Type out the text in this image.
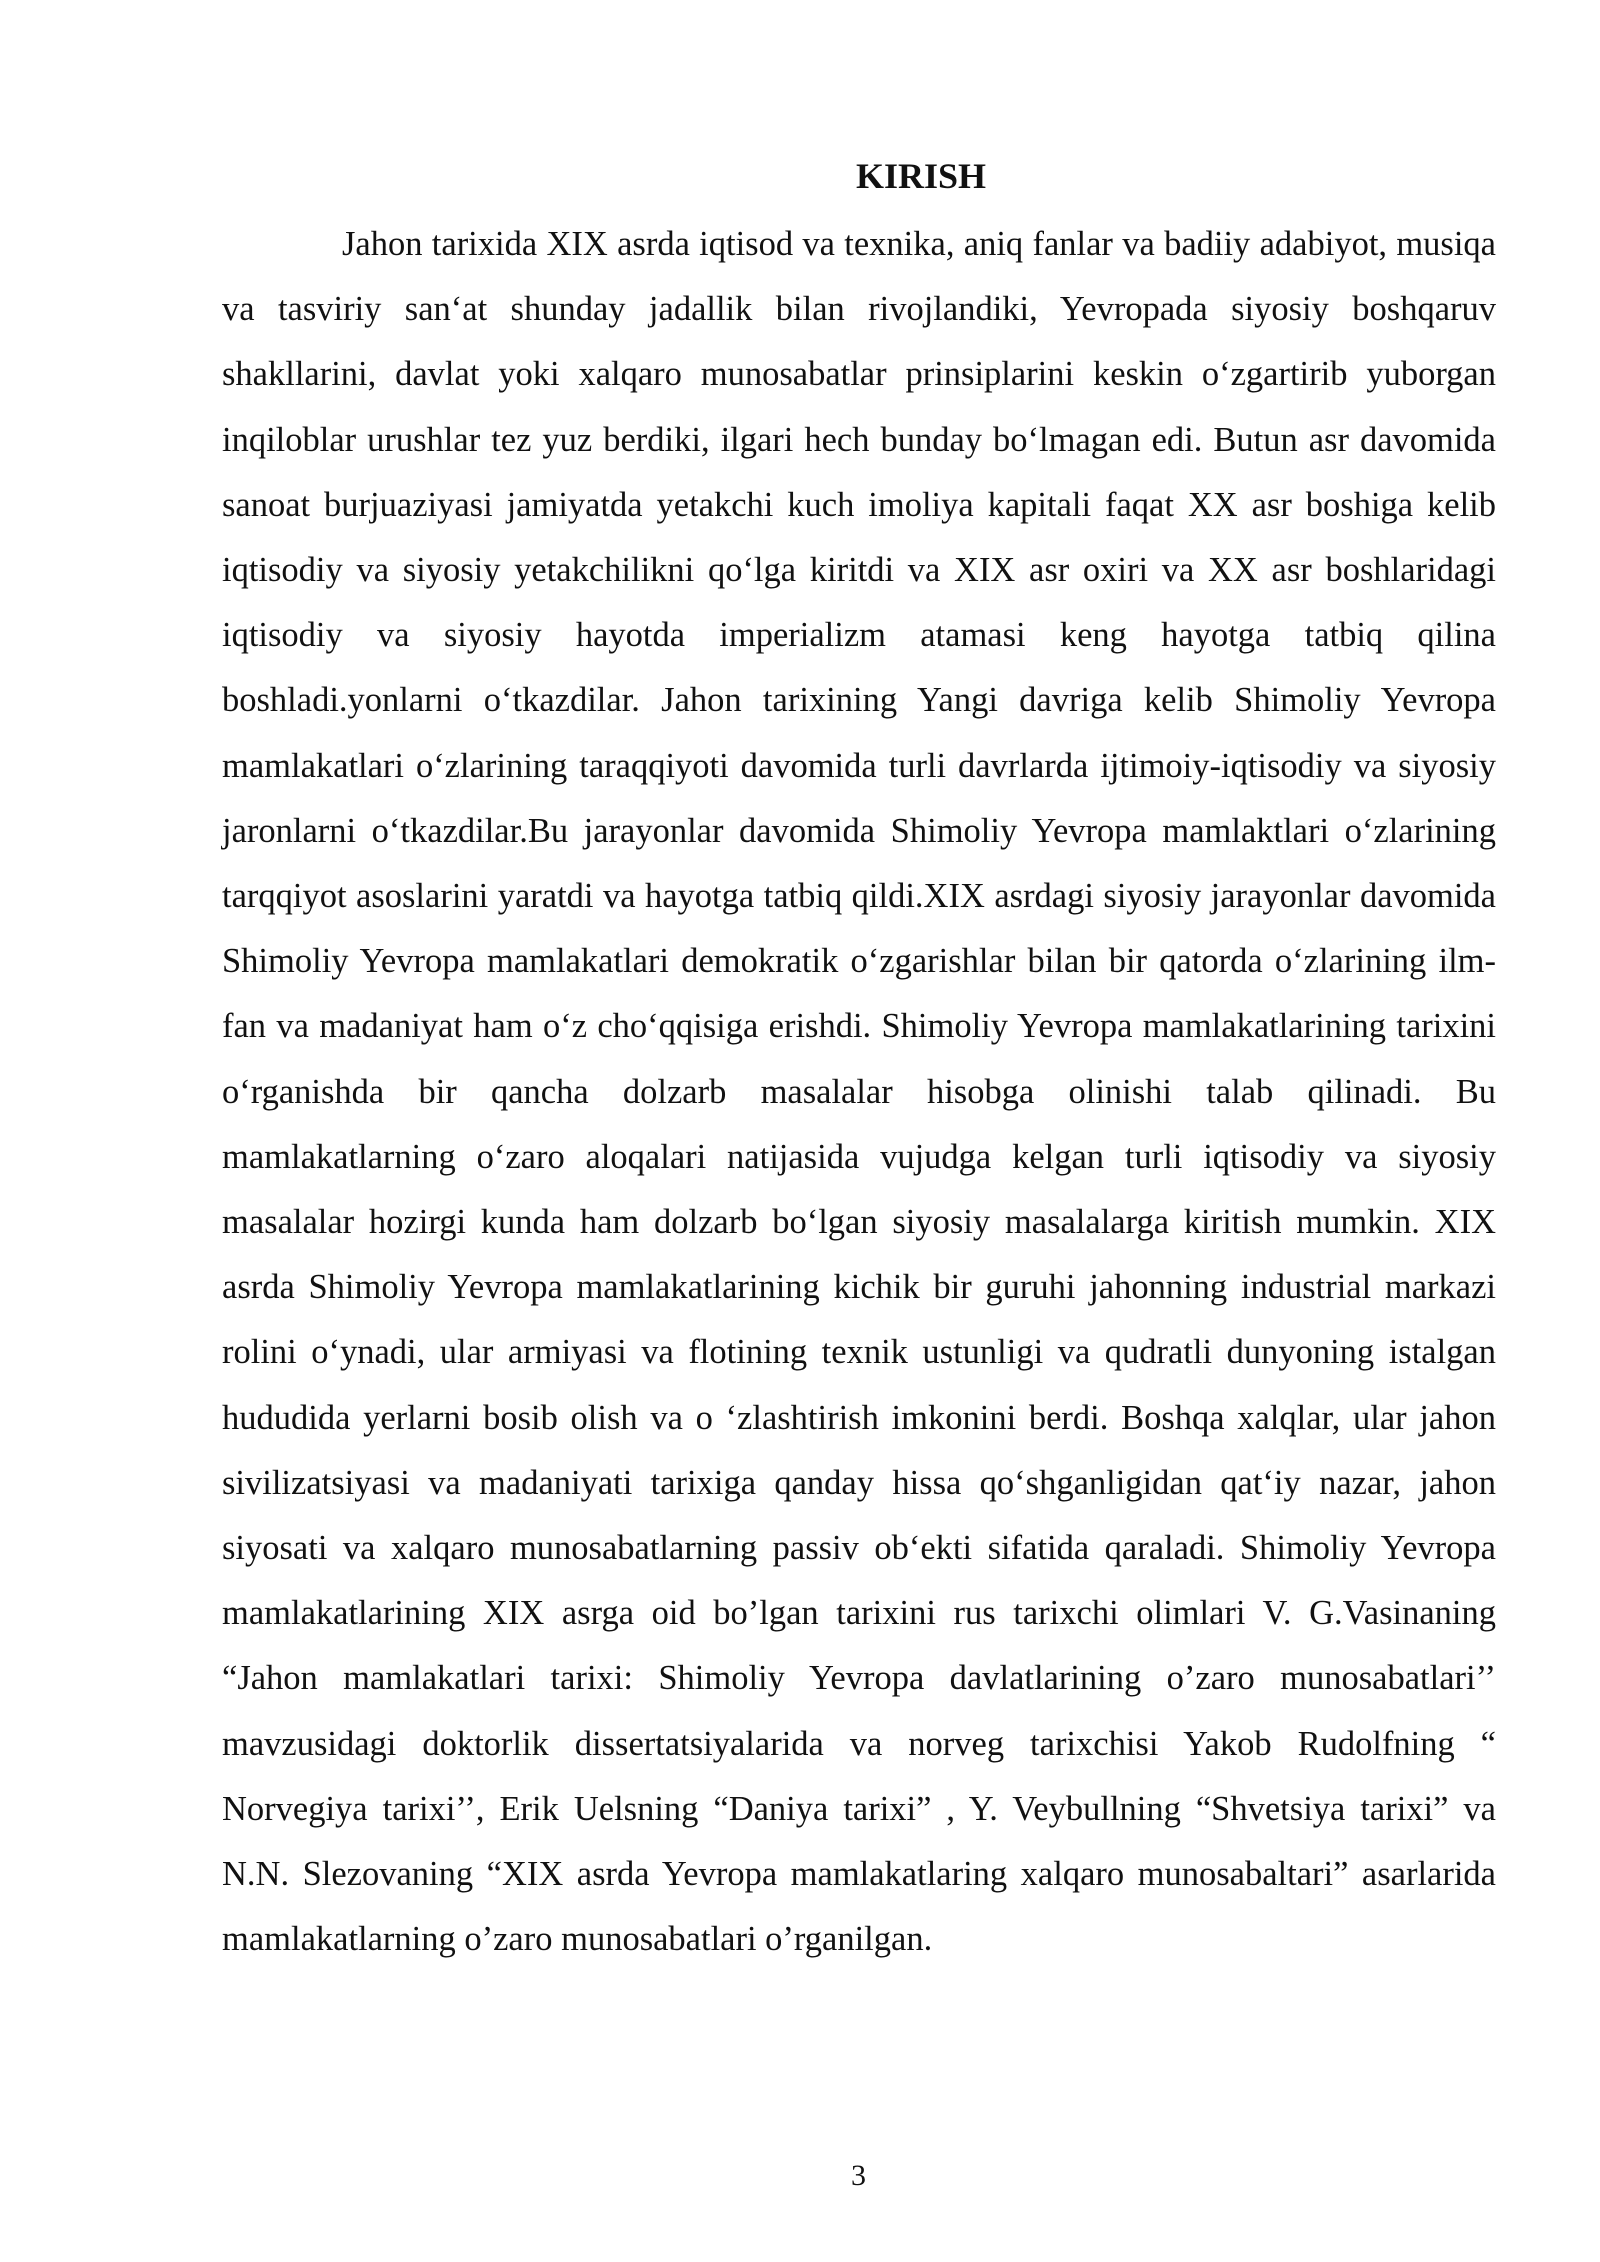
KIRISH

Jahon tarixida XIX asrda iqtisod va texnika, aniq fanlar va badiiy adabiyot, musiqa va tasviriy san‘at shunday jadallik bilan rivojlandiki, Yevropada siyosiy boshqaruv shakllarini, davlat yoki xalqaro munosabatlar prinsiplarini keskin o‘zgartirib yuborgan inqiloblar urushlar tez yuz berdiki, ilgari hech bunday bo‘lmagan edi. Butun asr davomida sanoat burjuaziyasi jamiyatda yetakchi kuch imoliya kapitali faqat XX asr boshiga kelib iqtisodiy va siyosiy yetakchilikni qo‘lga kiritdi va XIX asr oxiri va XX asr boshlaridagi iqtisodiy va siyosiy hayotda imperializm atamasi keng hayotga tatbiq qilina boshladi.yonlarni o‘tkazdilar. Jahon tarixining Yangi davriga kelib Shimoliy Yevropa mamlakatlari o‘zlarining taraqqiyoti davomida turli davrlarda ijtimoiy-iqtisodiy va siyosiy jaronlarni o‘tkazdilar.Bu jarayonlar davomida Shimoliy Yevropa mamlaktlari o‘zlarining tarqqiyot asoslarini yaratdi va hayotga tatbiq qildi.XIX asrdagi siyosiy jarayonlar davomida Shimoliy Yevropa mamlakatlari demokratik o‘zgarishlar bilan bir qatorda o‘zlarining ilm-fan va madaniyat ham o‘z cho‘qqisiga erishdi. Shimoliy Yevropa mamlakatlarining tarixini o‘rganishda bir qancha dolzarb masalalar hisobga olinishi talab qilinadi. Bu mamlakatlarning o‘zaro aloqalari natijasida vujudga kelgan turli iqtisodiy va siyosiy masalalar hozirgi kunda ham dolzarb bo‘lgan siyosiy masalalarga kiritish mumkin. XIX asrda Shimoliy Yevropa mamlakatlarining kichik bir guruhi jahonning industrial markazi rolini o‘ynadi, ular armiyasi va flotining texnik ustunligi va qudratli dunyoning istalgan hududida yerlarni bosib olish va o ‘zlashtirish imkonini berdi. Boshqa xalqlar, ular jahon sivilizatsiyasi va madaniyati tarixiga qanday hissa qo‘shganligidan qat‘iy nazar, jahon siyosati va xalqaro munosabatlarning passiv ob‘ekti sifatida qaraladi. Shimoliy Yevropa mamlakatlarining XIX asrga oid bo’lgan tarixini rus tarixchi olimlari V. G.Vasinaning “Jahon mamlakatlari tarixi: Shimoliy Yevropa davlatlarining o’zaro munosabatlari’’ mavzusidagi doktorlik dissertatsiyalarida va norveg tarixchisi Yakob Rudolfning “ Norvegiya tarixi’’, Erik Uelsning “Daniya tarixi” , Y. Veybullning “Shvetsiya tarixi” va N.N. Slezovaning “XIX asrda Yevropa mamlakatlaring xalqaro munosabaltari” asarlarida mamlakatlarning o’zaro munosabatlari o’rganilgan.

3
